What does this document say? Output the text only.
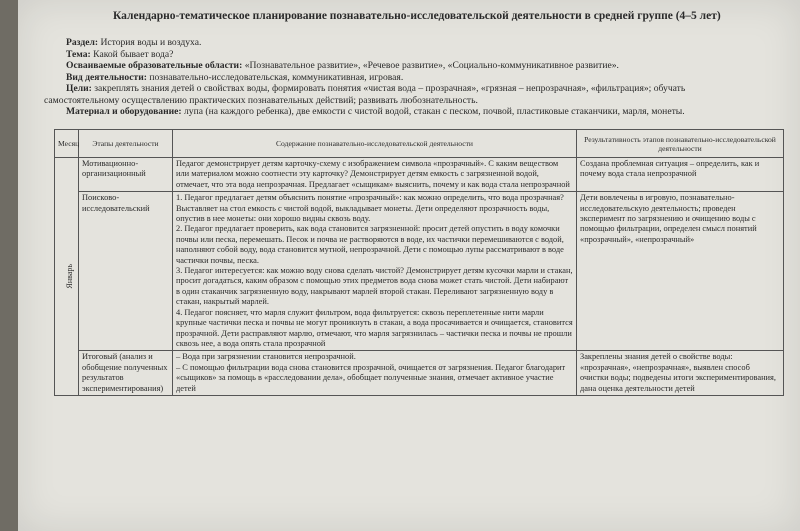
Календарно-тематическое планирование познавательно-исследовательской деятельности в средней группе (4–5 лет)
Раздел: История воды и воздуха.
Тема: Какой бывает вода?
Осваиваемые образовательные области: «Познавательное развитие», «Речевое развитие», «Социально-коммуникативное развитие».
Вид деятельности: познавательно-исследовательская, коммуникативная, игровая.
Цели: закреплять знания детей о свойствах воды, формировать понятия «чистая вода – прозрачная», «грязная – непрозрачная», «фильтрация»; обучать
самостоятельному осуществлению практических познавательных действий; развивать любознательность.
Материал и оборудование: лупа (на каждого ребенка), две емкости с чистой водой, стакан с песком, почвой, пластиковые стаканчики, марля, монеты.
Месяц	Этапы деятельности	Содержание познавательно-исследовательской деятельности	Результативность этапов познавательно-исследовательской деятельности
Январь	Мотивационно-организационный	Педагог демонстрирует детям карточку-схему с изображением символа «прозрачный». С каким веществом или материалом можно соотнести эту карточку? Демонстрирует детям емкость с загрязненной водой, отмечает, что эта вода непрозрачная. Предлагает «сыщикам» выяснить, почему и как вода стала непрозрачной	Создана проблемная ситуация – определить, как и почему вода стала непрозрачной
	Поисково-исследовательский	1. Педагог предлагает детям объяснить понятие «прозрачный»: как можно определить, что вода прозрачная? Выставляет на стол емкость с чистой водой, выкладывает монеты. Дети определяют прозрачность воды, опустив в нее монеты: они хорошо видны сквозь воду.

2. Педагог предлагает проверить, как вода становится загрязненной: просит детей опустить в воду комочки почвы или песка, перемешать. Песок и почва не растворяются в воде, их частички перемешиваются с водой, наполняют собой воду, вода становится мутной, непрозрачной. Дети с помощью лупы рассматривают в воде частички почвы, песка.

3. Педагог интересуется: как можно воду снова сделать чистой? Демонстрирует детям кусочки марли и стакан, просит догадаться, каким образом с помощью этих предметов вода снова может стать чистой. Дети набирают в один стаканчик загрязненную воду, накрывают марлей второй стакан. Переливают загрязненную воду в стакан, накрытый марлей.

4. Педагог поясняет, что марля служит фильтром, вода фильтруется: сквозь переплетенные нити марли крупные частички песка и почвы не могут проникнуть в стакан, а вода просачивается и очищается, становится прозрачной. Дети расправляют марлю, отмечают, что марля загрязнилась – частички песка и почвы не прошли сквозь нее, а вода опять стала прозрачной	Дети вовлечены в игровую, познавательно-исследовательскую деятельность; проведен эксперимент по загрязнению и очищению воды с помощью фильтрации, определен смысл понятий «прозрачный», «непрозрачный»
	Итоговый (анализ и обобщение полученных результатов экспериментирования)	– Вода при загрязнении становится непрозрачной.

– С помощью фильтрации вода снова становится прозрачной, очищается от загрязнения. Педагог благодарит «сыщиков» за помощь в «расследовании дела», обобщает полученные знания, отмечает активное участие детей	Закреплены знания детей о свойстве воды: «прозрачная», «непрозрачная», выявлен способ очистки воды; подведены итоги экспериментирования, дана оценка деятельности детей
